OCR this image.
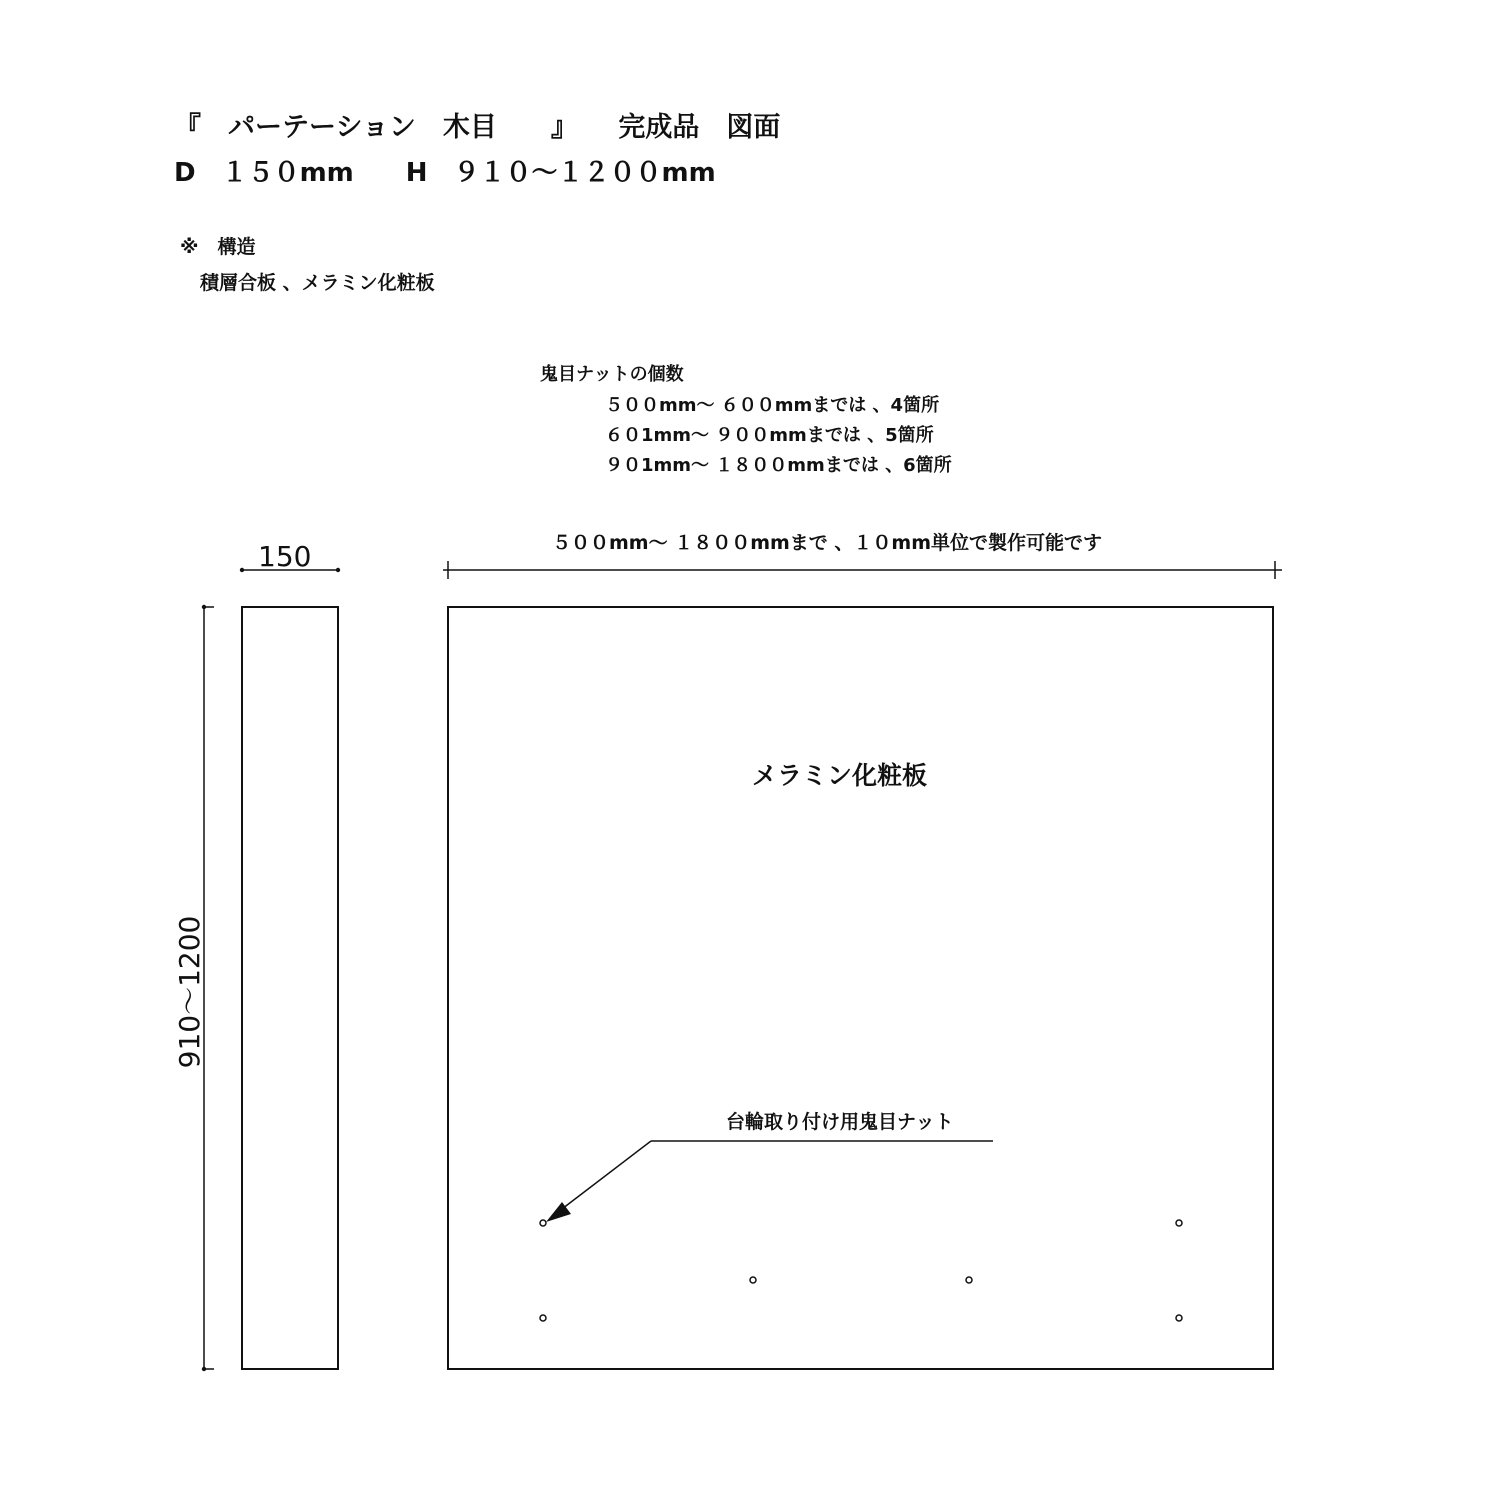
『　パーテーション　木目　　』　　完成品　図面
D　１５０mm　　H　９１０～１２００mm
※　構造
積層合板 、メラミン化粧板
鬼目ナットの個数
５００mm～ ６００mmまでは 、4箇所
６０1mm～ ９００mmまでは 、5箇所
９０1mm～ １８００mmまでは 、6箇所
５００mm～ １８００mmまで 、１０mm単位で製作可能です
150
メラミン化粧板
台輪取り付け用鬼目ナット
910～1200
